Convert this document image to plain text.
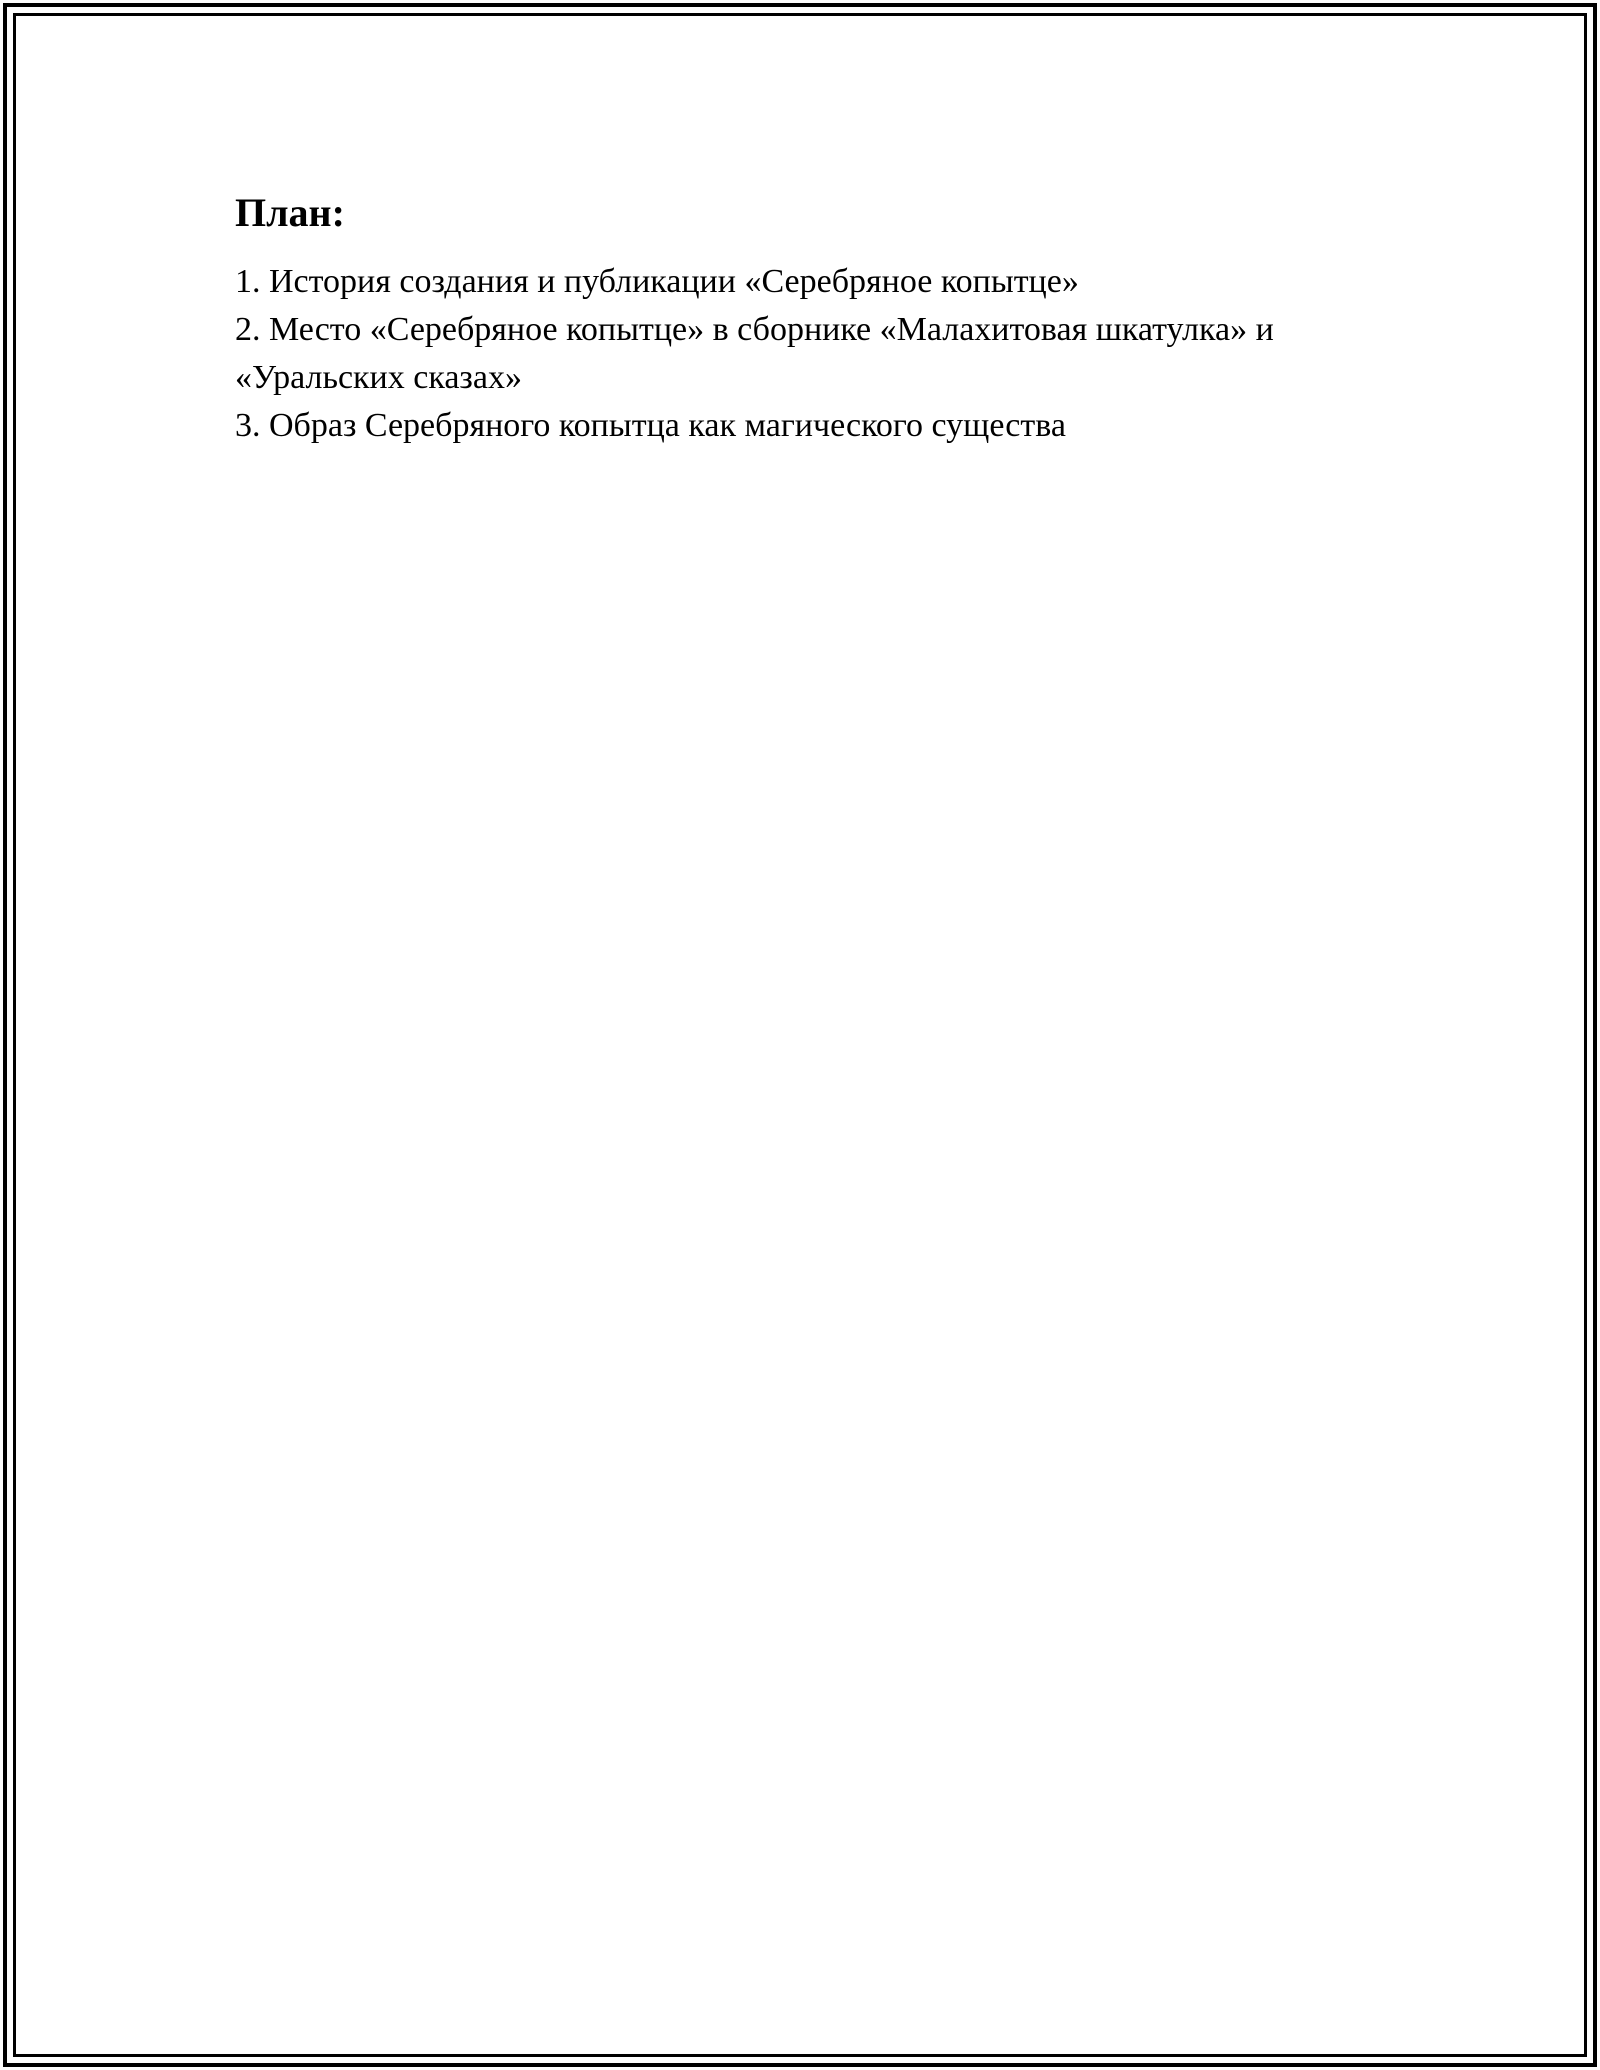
План:
1. История создания и публикации «Серебряное копытце»
2. Место «Серебряное копытце» в сборнике «Малахитовая шкатулка» и «Уральских сказах»
3. Образ Серебряного копытца как магического существа
